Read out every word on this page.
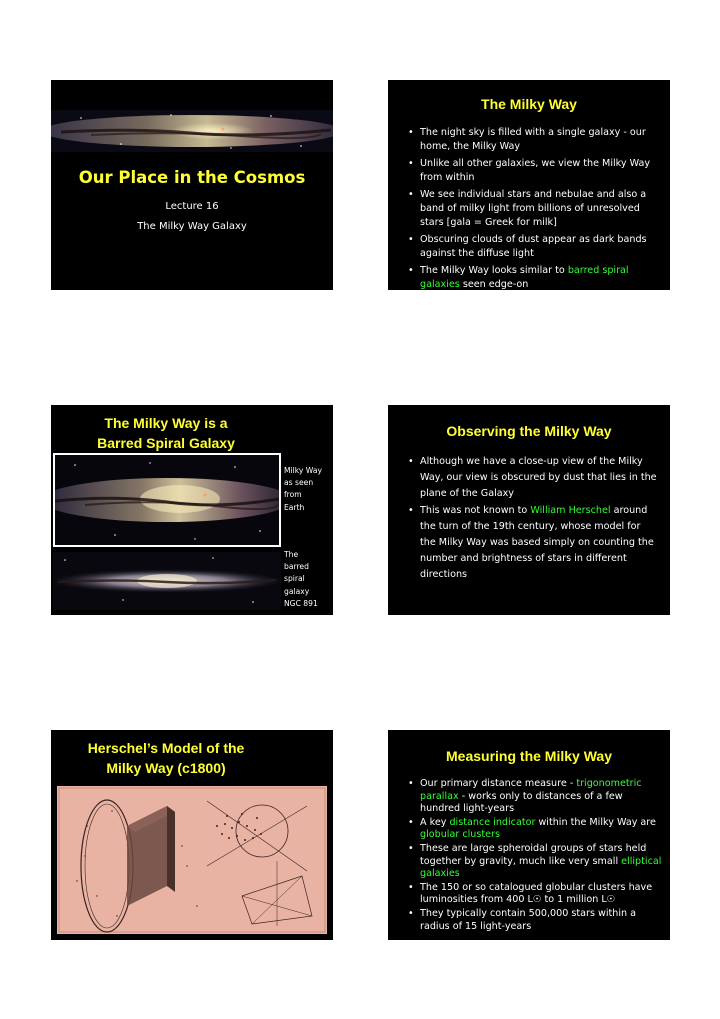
Our Place in the Cosmos
Lecture 16
The Milky Way Galaxy
The Milky Way
• The night sky is filled with a single galaxy - our home, the Milky Way
• Unlike all other galaxies, we view the Milky Way from within
• We see individual stars and nebulae and also a band of milky light from billions of unresolved stars [gala = Greek for milk]
• Obscuring clouds of dust appear as dark bands against the diffuse light
• The Milky Way looks similar to barred spiral galaxies seen edge-on
The Milky Way is a
Barred Spiral Galaxy
Milky Way
as seen
from
Earth
The
barred
spiral
galaxy
NGC 891
Observing the Milky Way
• Although we have a close-up view of the Milky Way, our view is obscured by dust that lies in the plane of the Galaxy
• This was not known to William Herschel around the turn of the 19th century, whose model for the Milky Way was based simply on counting the number and brightness of stars in different directions
Herschel’s Model of the
Milky Way (c1800)
Measuring the Milky Way
• Our primary distance measure - trigonometric parallax - works only to distances of a few hundred light-years
• A key distance indicator within the Milky Way are globular clusters
• These are large spheroidal groups of stars held together by gravity, much like very small elliptical galaxies
• The 150 or so catalogued globular clusters have luminosities from 400 L☉ to 1 million L☉
• They typically contain 500,000 stars within a radius of 15 light-years
